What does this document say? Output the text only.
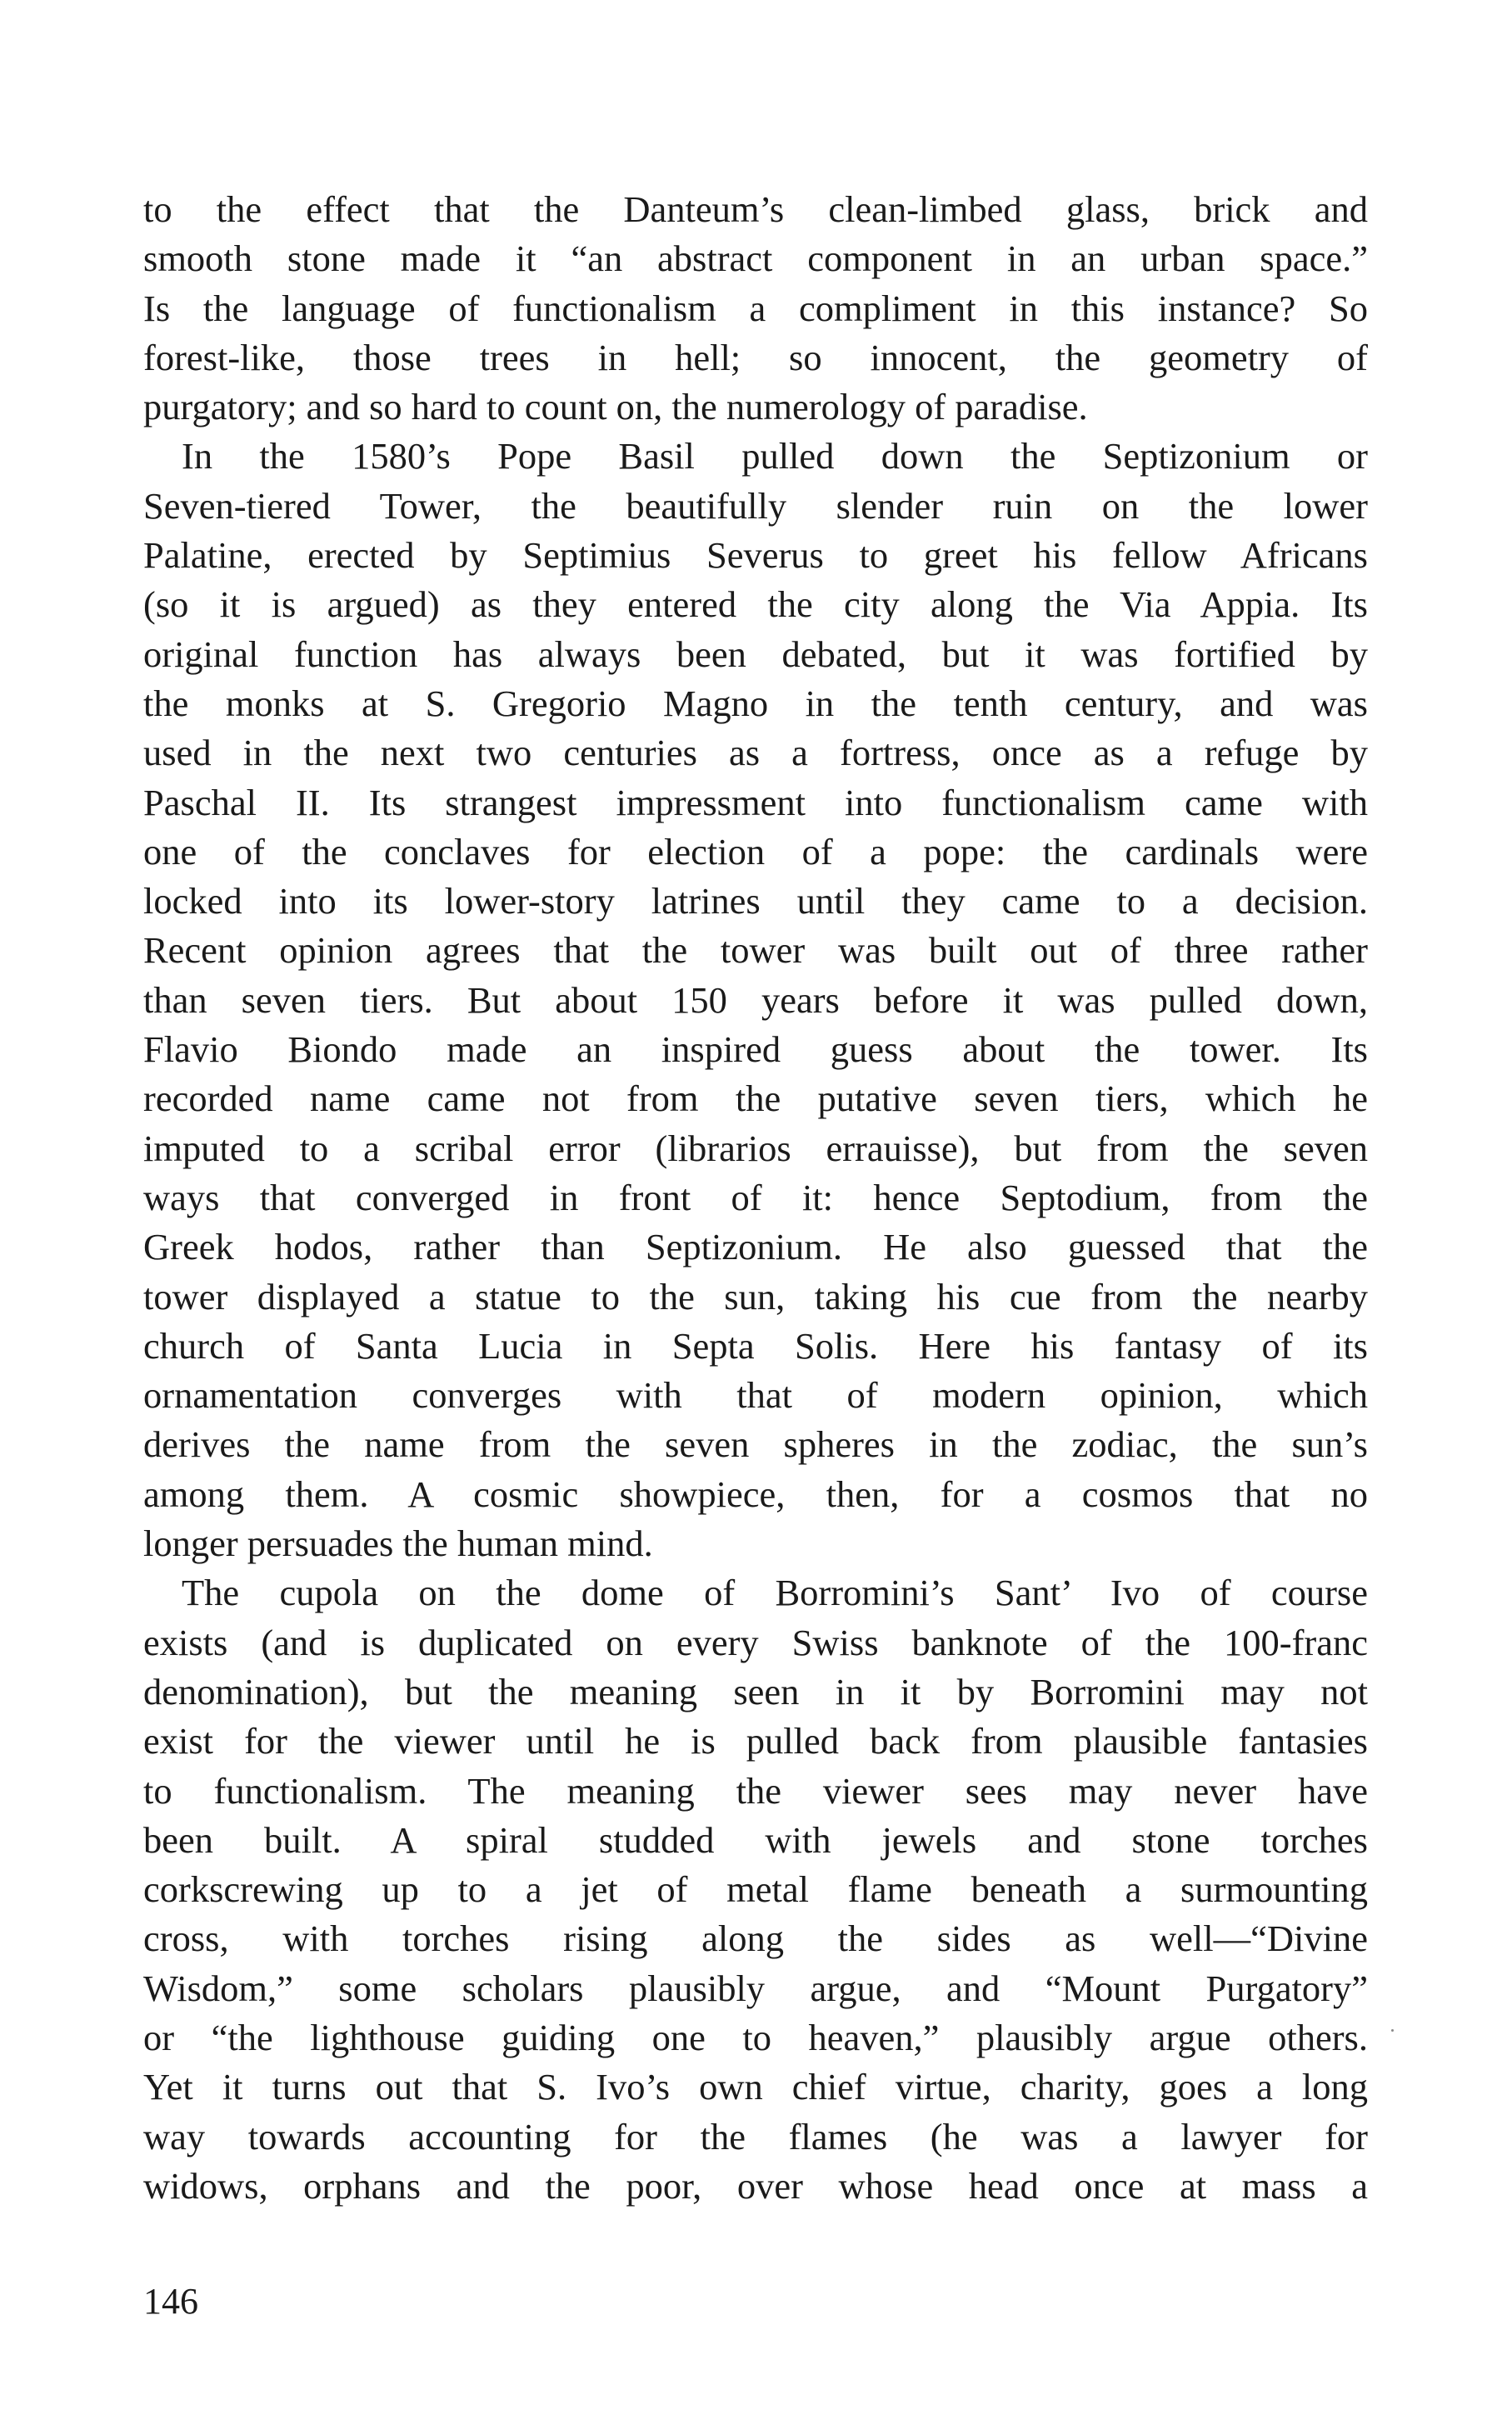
to the effect that the Danteum’s clean-limbed glass, brick and
smooth stone made it “an abstract component in an urban space.”
Is the language of functionalism a compliment in this instance? So
forest-like, those trees in hell; so innocent, the geometry of
purgatory; and so hard to count on, the numerology of paradise.
In the 1580’s Pope Basil pulled down the Septizonium or
Seven-tiered Tower, the beautifully slender ruin on the lower
Palatine, erected by Septimius Severus to greet his fellow Africans
(so it is argued) as they entered the city along the Via Appia. Its
original function has always been debated, but it was fortified by
the monks at S. Gregorio Magno in the tenth century, and was
used in the next two centuries as a fortress, once as a refuge by
Paschal II. Its strangest impressment into functionalism came with
one of the conclaves for election of a pope: the cardinals were
locked into its lower-story latrines until they came to a decision.
Recent opinion agrees that the tower was built out of three rather
than seven tiers. But about 150 years before it was pulled down,
Flavio Biondo made an inspired guess about the tower. Its
recorded name came not from the putative seven tiers, which he
imputed to a scribal error (librarios errauisse), but from the seven
ways that converged in front of it: hence Septodium, from the
Greek hodos, rather than Septizonium. He also guessed that the
tower displayed a statue to the sun, taking his cue from the nearby
church of Santa Lucia in Septa Solis. Here his fantasy of its
ornamentation converges with that of modern opinion, which
derives the name from the seven spheres in the zodiac, the sun’s
among them. A cosmic showpiece, then, for a cosmos that no
longer persuades the human mind.
The cupola on the dome of Borromini’s Sant’ Ivo of course
exists (and is duplicated on every Swiss banknote of the 100-franc
denomination), but the meaning seen in it by Borromini may not
exist for the viewer until he is pulled back from plausible fantasies
to functionalism. The meaning the viewer sees may never have
been built. A spiral studded with jewels and stone torches
corkscrewing up to a jet of metal flame beneath a surmounting
cross, with torches rising along the sides as well—“Divine
Wisdom,” some scholars plausibly argue, and “Mount Purgatory”
or “the lighthouse guiding one to heaven,” plausibly argue others.
Yet it turns out that S. Ivo’s own chief virtue, charity, goes a long
way towards accounting for the flames (he was a lawyer for
widows, orphans and the poor, over whose head once at mass a
146
